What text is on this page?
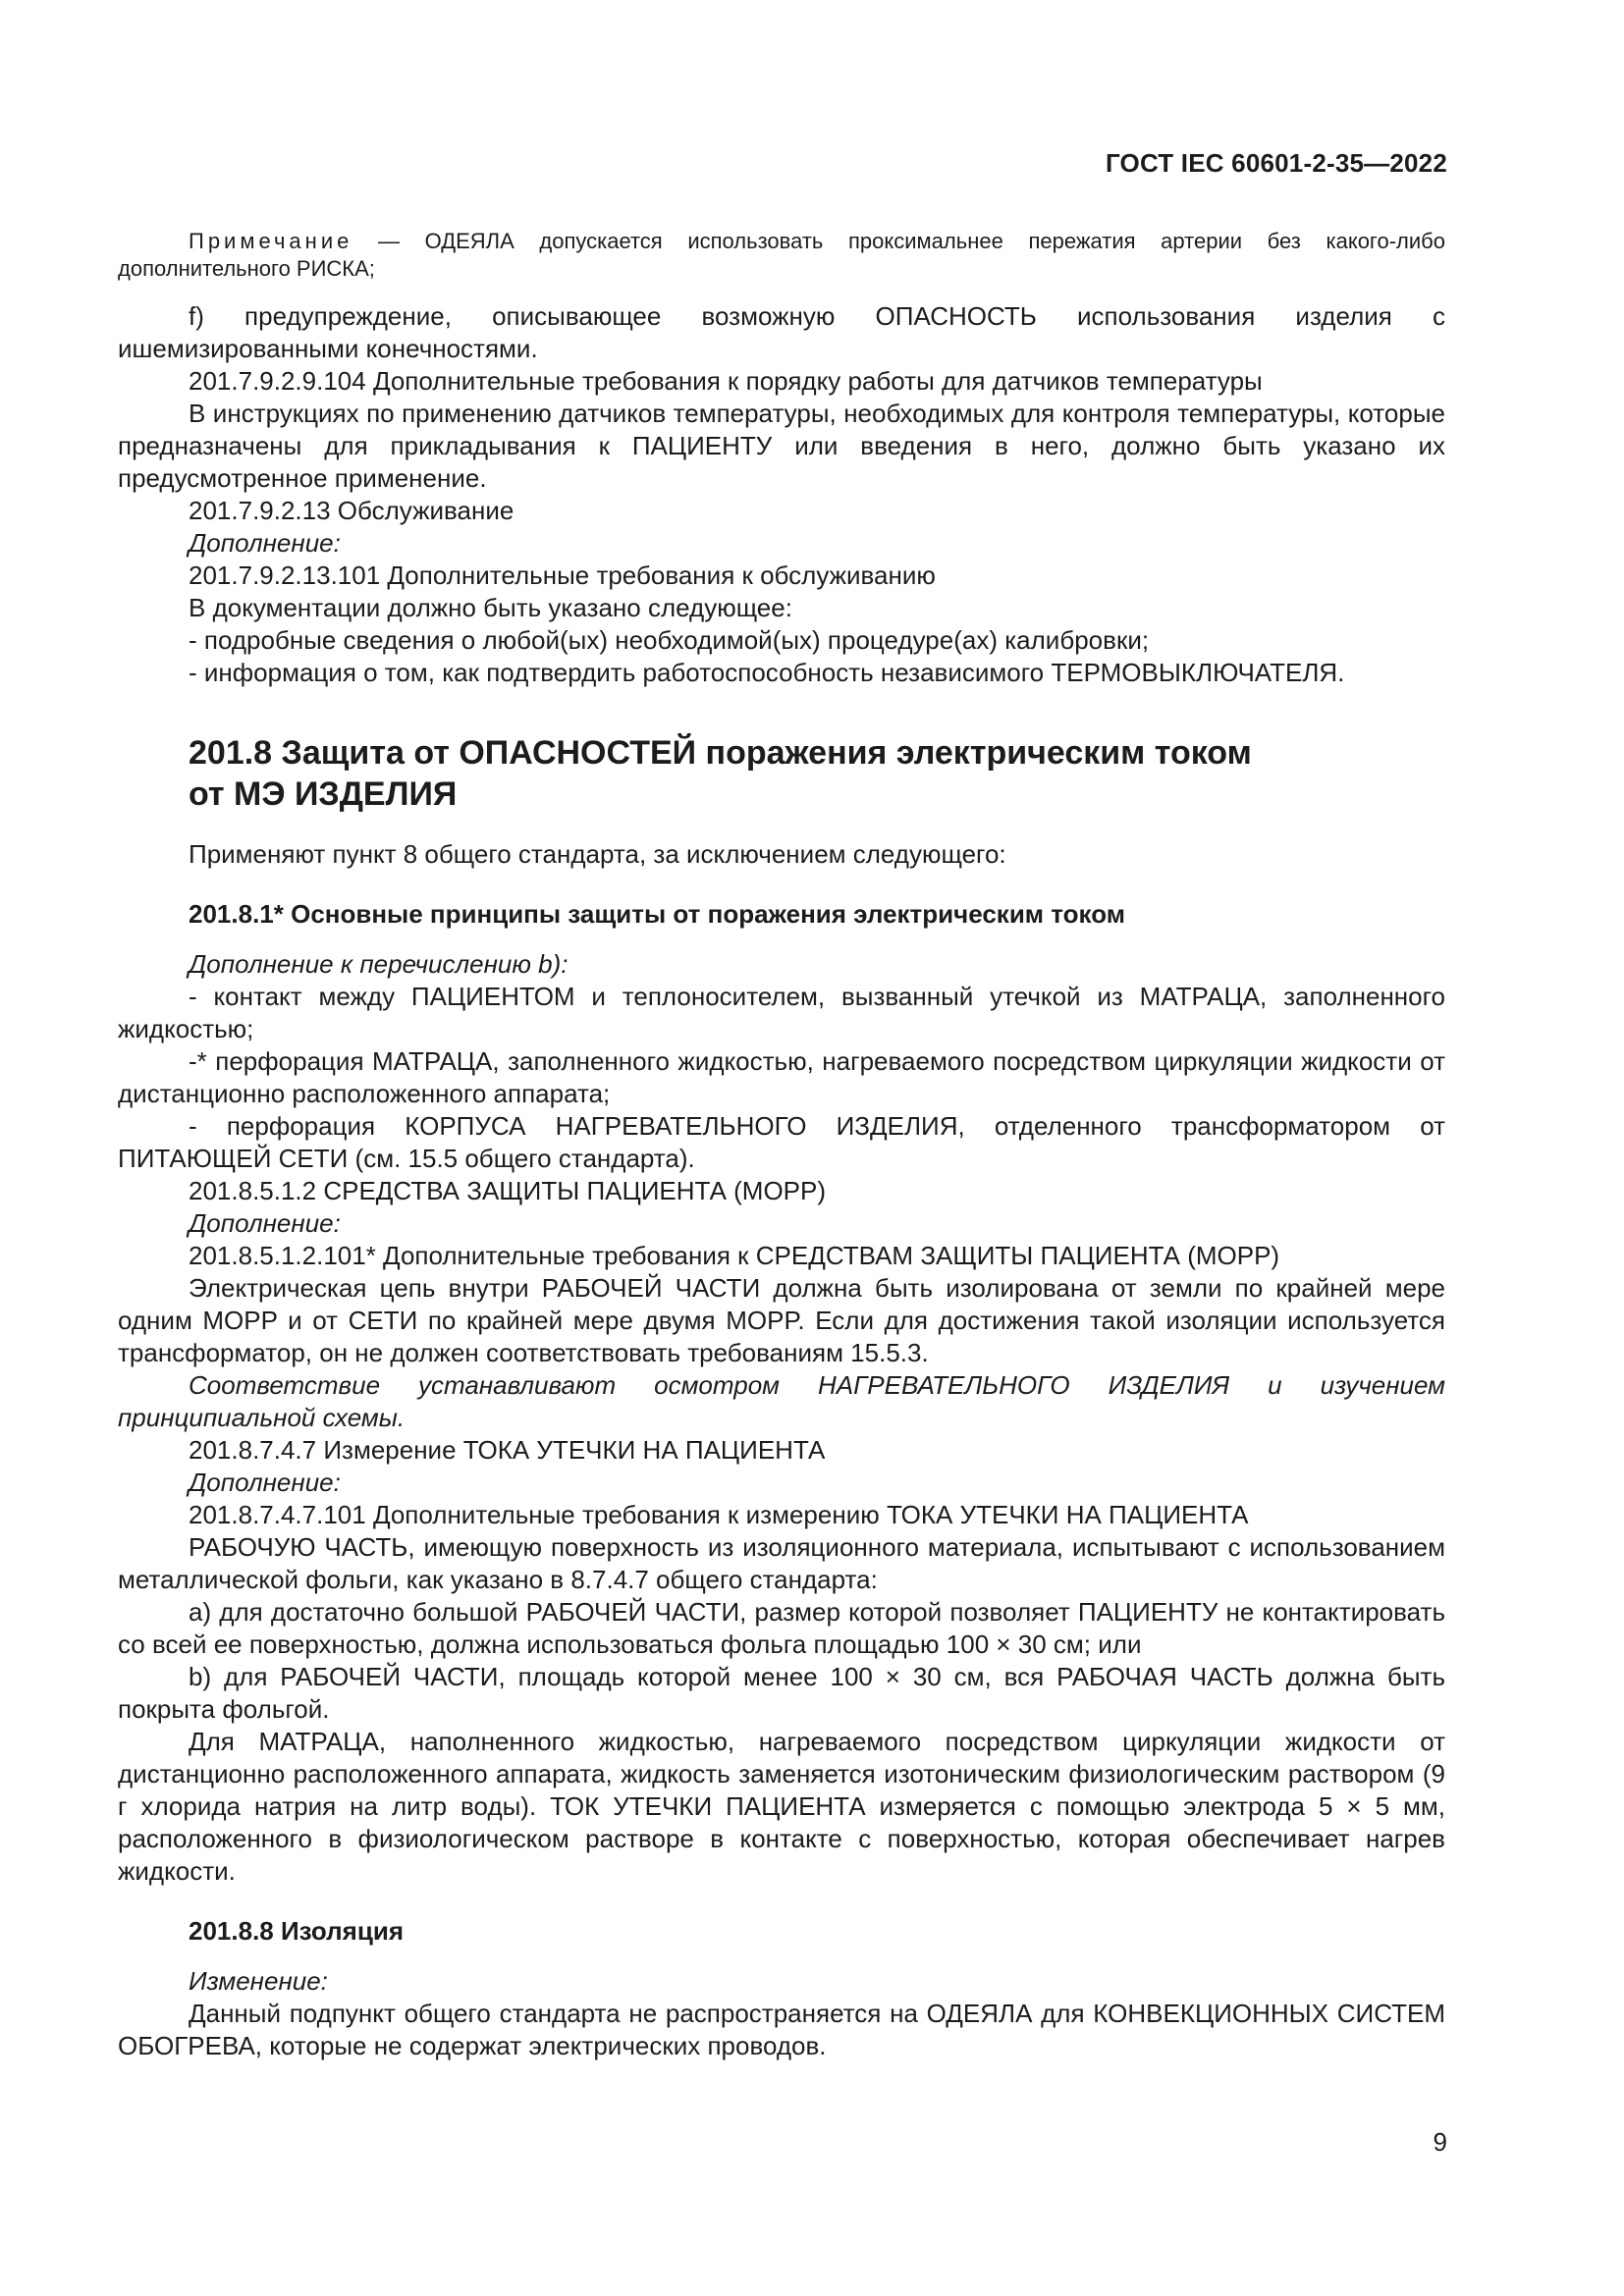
ГОСТ IEC 60601-2-35—2022

Примечание — ОДЕЯЛА допускается использовать проксимальнее пережатия артерии без какого-либо дополнительного РИСКА;

f) предупреждение, описывающее возможную ОПАСНОСТЬ использования изделия с ишемизированными конечностями.

201.7.9.2.9.104 Дополнительные требования к порядку работы для датчиков температуры

В инструкциях по применению датчиков температуры, необходимых для контроля температуры, которые предназначены для прикладывания к ПАЦИЕНТУ или введения в него, должно быть указано их предусмотренное применение.

201.7.9.2.13 Обслуживание

Дополнение:

201.7.9.2.13.101 Дополнительные требования к обслуживанию

В документации должно быть указано следующее:

- подробные сведения о любой(ых) необходимой(ых) процедуре(ах) калибровки;

- информация о том, как подтвердить работоспособность независимого ТЕРМОВЫКЛЮЧАТЕЛЯ.

201.8 Защита от ОПАСНОСТЕЙ поражения электрическим током
от МЭ ИЗДЕЛИЯ

Применяют пункт 8 общего стандарта, за исключением следующего:

201.8.1* Основные принципы защиты от поражения электрическим током

Дополнение к перечислению b):

- контакт между ПАЦИЕНТОМ и теплоносителем, вызванный утечкой из МАТРАЦА, заполненного жидкостью;

-* перфорация МАТРАЦА, заполненного жидкостью, нагреваемого посредством циркуляции жидкости от дистанционно расположенного аппарата;

- перфорация КОРПУСА НАГРЕВАТЕЛЬНОГО ИЗДЕЛИЯ, отделенного трансформатором от ПИТАЮЩЕЙ СЕТИ (см. 15.5 общего стандарта).

201.8.5.1.2 СРЕДСТВА ЗАЩИТЫ ПАЦИЕНТА (MOPP)

Дополнение:

201.8.5.1.2.101* Дополнительные требования к СРЕДСТВАМ ЗАЩИТЫ ПАЦИЕНТА (MOPP)

Электрическая цепь внутри РАБОЧЕЙ ЧАСТИ должна быть изолирована от земли по крайней мере одним MOPP и от СЕТИ по крайней мере двумя MOPP. Если для достижения такой изоляции используется трансформатор, он не должен соответствовать требованиям 15.5.3.

Соответствие устанавливают осмотром НАГРЕВАТЕЛЬНОГО ИЗДЕЛИЯ и изучением принципиальной схемы.

201.8.7.4.7 Измерение ТОКА УТЕЧКИ НА ПАЦИЕНТА

Дополнение:

201.8.7.4.7.101 Дополнительные требования к измерению ТОКА УТЕЧКИ НА ПАЦИЕНТА

РАБОЧУЮ ЧАСТЬ, имеющую поверхность из изоляционного материала, испытывают с использованием металлической фольги, как указано в 8.7.4.7 общего стандарта:

a) для достаточно большой РАБОЧЕЙ ЧАСТИ, размер которой позволяет ПАЦИЕНТУ не контактировать со всей ее поверхностью, должна использоваться фольга площадью 100 × 30 см; или

b) для РАБОЧЕЙ ЧАСТИ, площадь которой менее 100 × 30 см, вся РАБОЧАЯ ЧАСТЬ должна быть покрыта фольгой.

Для МАТРАЦА, наполненного жидкостью, нагреваемого посредством циркуляции жидкости от дистанционно расположенного аппарата, жидкость заменяется изотоническим физиологическим раствором (9 г хлорида натрия на литр воды). ТОК УТЕЧКИ ПАЦИЕНТА измеряется с помощью электрода 5 × 5 мм, расположенного в физиологическом растворе в контакте с поверхностью, которая обеспечивает нагрев жидкости.

201.8.8 Изоляция

Изменение:

Данный подпункт общего стандарта не распространяется на ОДЕЯЛА для КОНВЕКЦИОННЫХ СИСТЕМ ОБОГРЕВА, которые не содержат электрических проводов.

9
